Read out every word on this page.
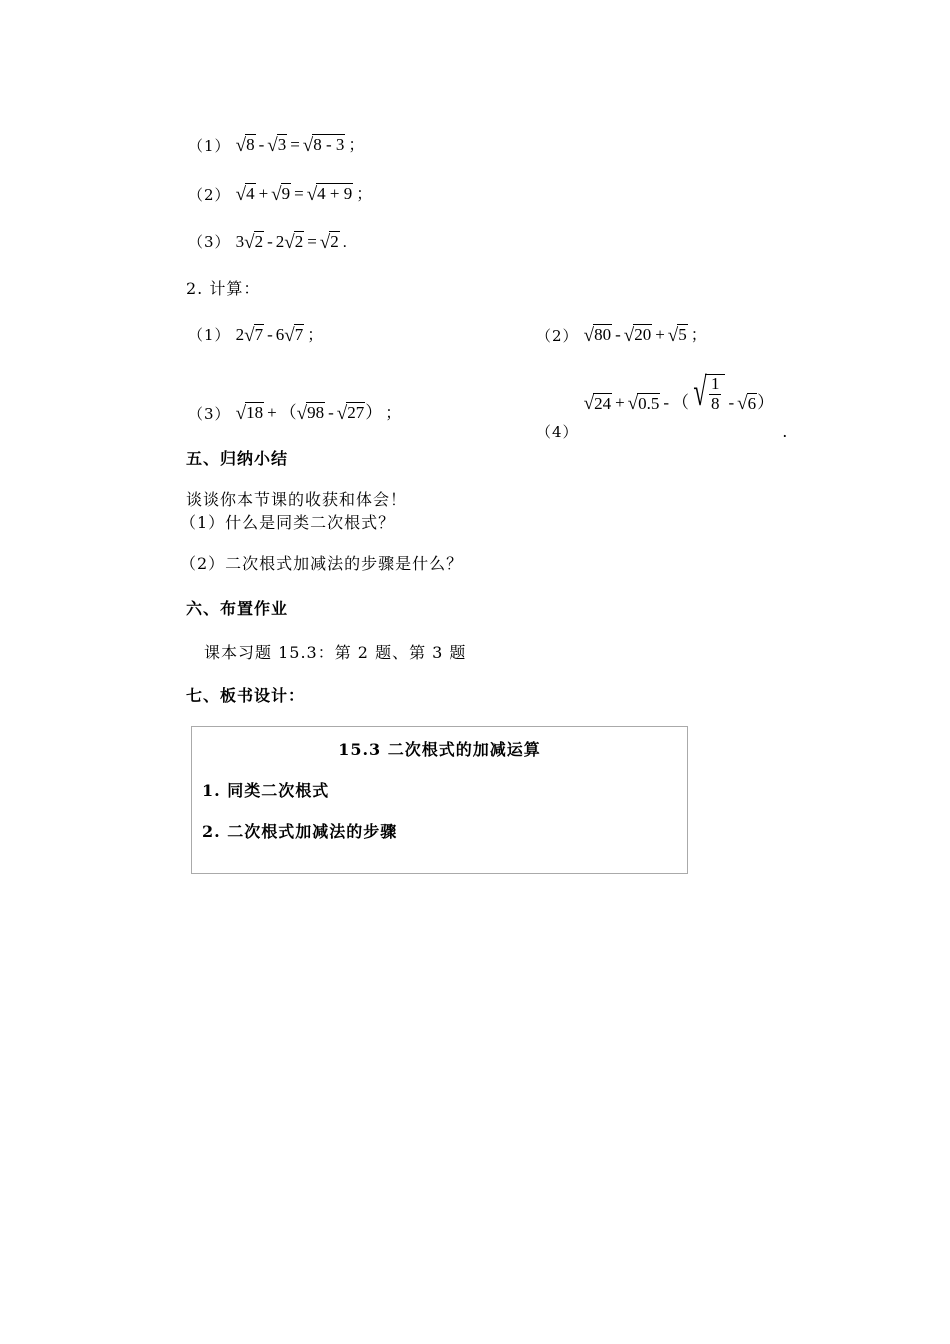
（1） √ 8 - √ 3 = √ 8 - 3 ；
（2） √ 4 + √ 9 = √ 4 + 9 ；
（3） 3 √ 2 - 2 √ 2 = √ 2 .
2. 计算：
（1） 2 √ 7 - 6 √ 7 ；	（2） √ 80 - √ 20 + √ 5 ；
（3） √ 18 + （ √ 98 - √ 27 ） ；
（4）
√ 24 + √ 0.5 - （ √ $\frac{1}{8}$ - √ 6 ）
.
五、归纳小结
谈谈你本节课的收获和体会！
（1）什么是同类二次根式？
（2）二次根式加减法的步骤是什么？
六、布置作业
课本习题 15.3：第 2 题、第 3 题
七、板书设计：
15.3 二次根式的加减运算
1. 同类二次根式
2. 二次根式加减法的步骤
